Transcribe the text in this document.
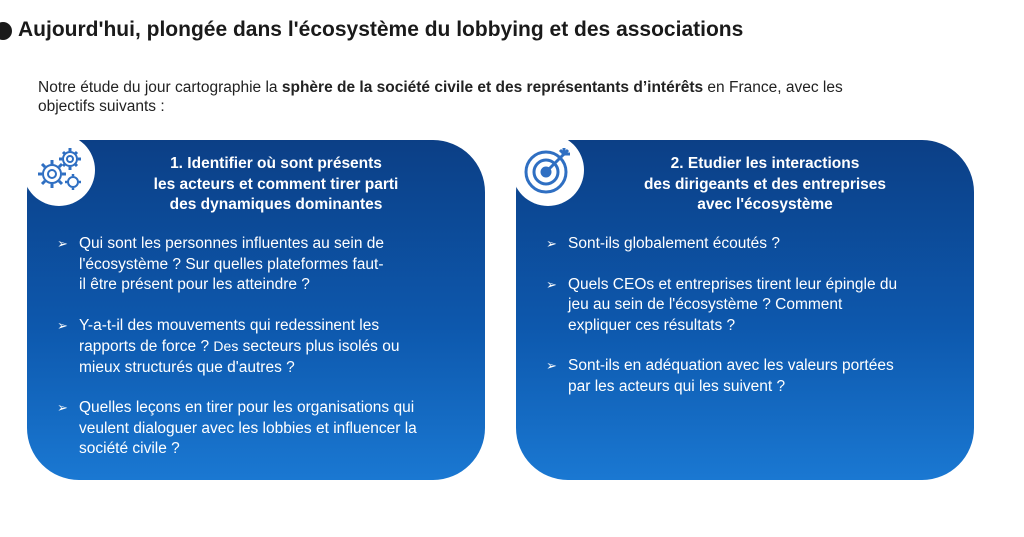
Aujourd'hui, plongée dans l'écosystème du lobbying et des associations

Notre étude du jour cartographie la sphère de la société civile et des représentants d’intérêts en France, avec les
objectifs suivants :

1. Identifier où sont présents
les acteurs et comment tirer parti
des dynamiques dominantes
➢ Qui sont les personnes influentes au sein de
l'écosystème ? Sur quelles plateformes faut-
il être présent pour les atteindre ?
➢ Y-a-t-il des mouvements qui redessinent les
rapports de force ? Des secteurs plus isolés ou
mieux structurés que d'autres ?
➢ Quelles leçons en tirer pour les organisations qui
veulent dialoguer avec les lobbies et influencer la
société civile ?
2. Etudier les interactions
des dirigeants et des entreprises
avec l'écosystème
➢ Sont-ils globalement écoutés ?
➢ Quels CEOs et entreprises tirent leur épingle du
jeu au sein de l'écosystème ? Comment
expliquer ces résultats ?
➢ Sont-ils en adéquation avec les valeurs portées
par les acteurs qui les suivent ?
